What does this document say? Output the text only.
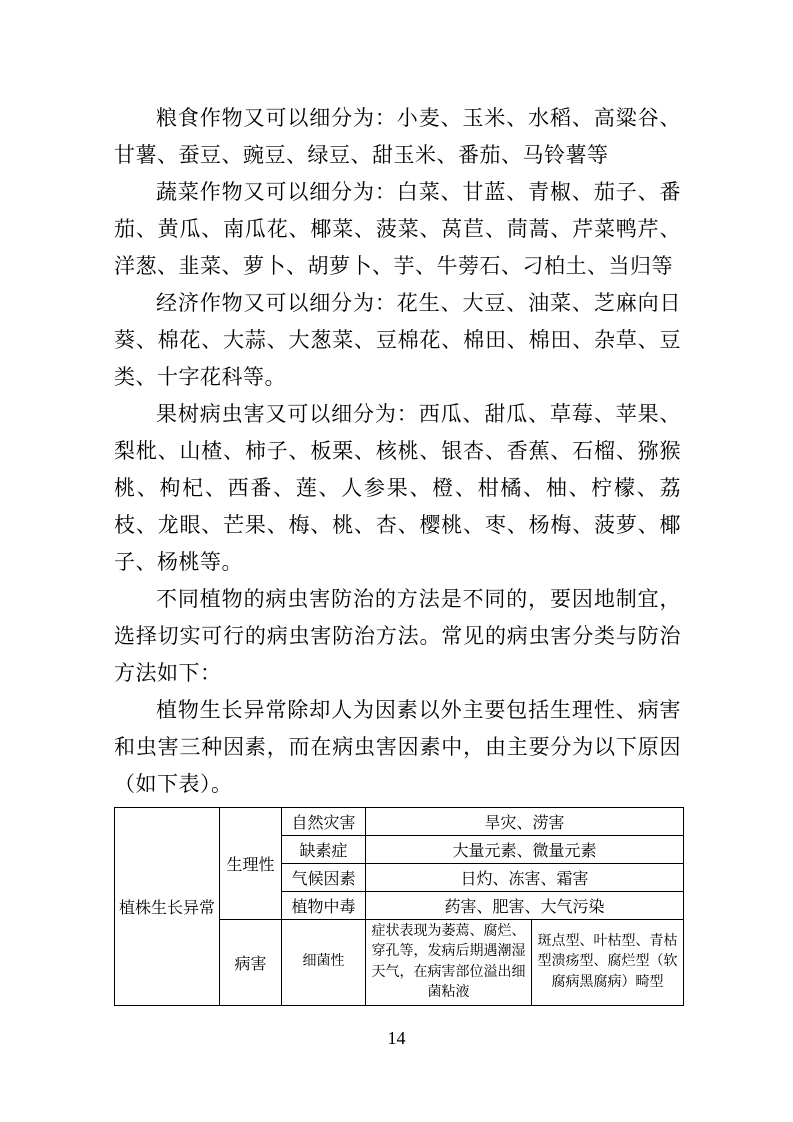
粮食作物又可以细分为：小麦、玉米、水稻、高粱谷、甘薯、蚕豆、豌豆、绿豆、甜玉米、番茄、马铃薯等

蔬菜作物又可以细分为：白菜、甘蓝、青椒、茄子、番茄、黄瓜、南瓜花、椰菜、菠菜、莴苣、茼蒿、芹菜鸭芹、洋葱、韭菜、萝卜、胡萝卜、芋、牛蒡石、刁柏土、当归等

经济作物又可以细分为：花生、大豆、油菜、芝麻向日葵、棉花、大蒜、大葱菜、豆棉花、棉田、棉田、杂草、豆类、十字花科等。

果树病虫害又可以细分为：西瓜、甜瓜、草莓、苹果、梨枇、山楂、柿子、板栗、核桃、银杏、香蕉、石榴、猕猴桃、枸杞、西番、莲、人参果、橙、柑橘、柚、柠檬、荔枝、龙眼、芒果、梅、桃、杏、樱桃、枣、杨梅、菠萝、椰子、杨桃等。

不同植物的病虫害防治的方法是不同的，要因地制宜，选择切实可行的病虫害防治方法。常见的病虫害分类与防治方法如下：

植物生长异常除却人为因素以外主要包括生理性、病害和虫害三种因素，而在病虫害因素中，由主要分为以下原因（如下表）。

植株生长异常	生理性	自然灾害	旱灾、涝害	
		缺素症	大量元素、微量元素	
		气候因素	日灼、冻害、霜害	
		植物中毒	药害、肥害、大气污染	
	病害	细菌性	症状表现为萎蔫、腐烂、穿孔等，发病后期遇潮湿天气，在病害部位溢出细菌粘液	斑点型、叶枯型、青枯型溃疡型、腐烂型（软腐病黑腐病）畸型
14
